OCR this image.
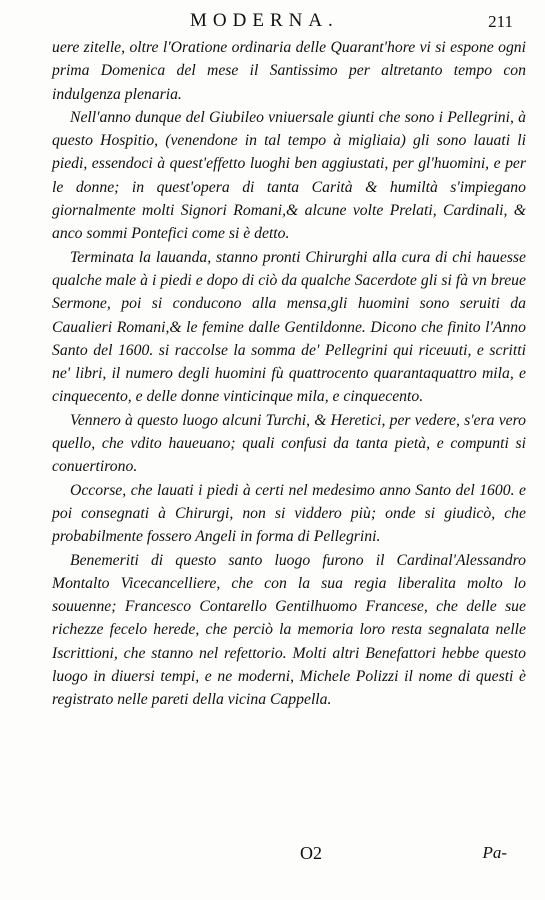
MODERNA.	211

uere zitelle, oltre l'Oratione ordinaria delle Quarant'hore vi si espone ogni prima Domenica del mese il Santissimo per altretanto tempo con indulgenza plenaria.

Nell'anno dunque del Giubileo vniuersale giunti che sono i Pellegrini, à questo Hospitio, (venendone in tal tempo à migliaia) gli sono lauati li piedi, essendoci à quest'effetto luoghi ben aggiustati, per gl'huomini, e per le donne; in quest'opera di tanta Carità & humiltà s'impiegano giornalmente molti Signori Romani,& alcune volte Prelati, Cardinali, & anco sommi Pontefici come si è detto.

Terminata la lauanda, stanno pronti Chirurghi alla cura di chi hauesse qualche male à i piedi e dopo di ciò da qualche Sacerdote gli si fà vn breue Sermone, poi si conducono alla mensa,gli huomini sono seruiti da Caualieri Romani,& le femine dalle Gentildonne. Dicono che finito l'Anno Santo del 1600. si raccolse la somma de' Pellegrini qui riceuuti, e scritti ne' libri, il numero degli huomini fù quattrocento quarantaquattro mila, e cinquecento, e delle donne vinticinque mila, e cinquecento.

Vennero à questo luogo alcuni Turchi, & Heretici, per vedere, s'era vero quello, che vdito haueuano; quali confusi da tanta pietà, e compunti si conuertirono.

Occorse, che lauati i piedi à certi nel medesimo anno Santo del 1600. e poi consegnati à Chirurgi, non si viddero più; onde si giudicò, che probabilmente fossero Angeli in forma di Pellegrini.

Benemeriti di questo santo luogo furono il Cardinal'Alessandro Montalto Vicecancelliere, che con la sua regia liberalita molto lo souuenne; Francesco Contarello Gentilhuomo Francese, che delle sue richezze fecelo herede, che perciò la memoria loro resta segnalata nelle Iscrittioni, che stanno nel refettorio. Molti altri Benefattori hebbe questo luogo in diuersi tempi, e ne moderni, Michele Polizzi il nome di questi è registrato nelle pareti della vicina Cappella.

O2	Pa-
